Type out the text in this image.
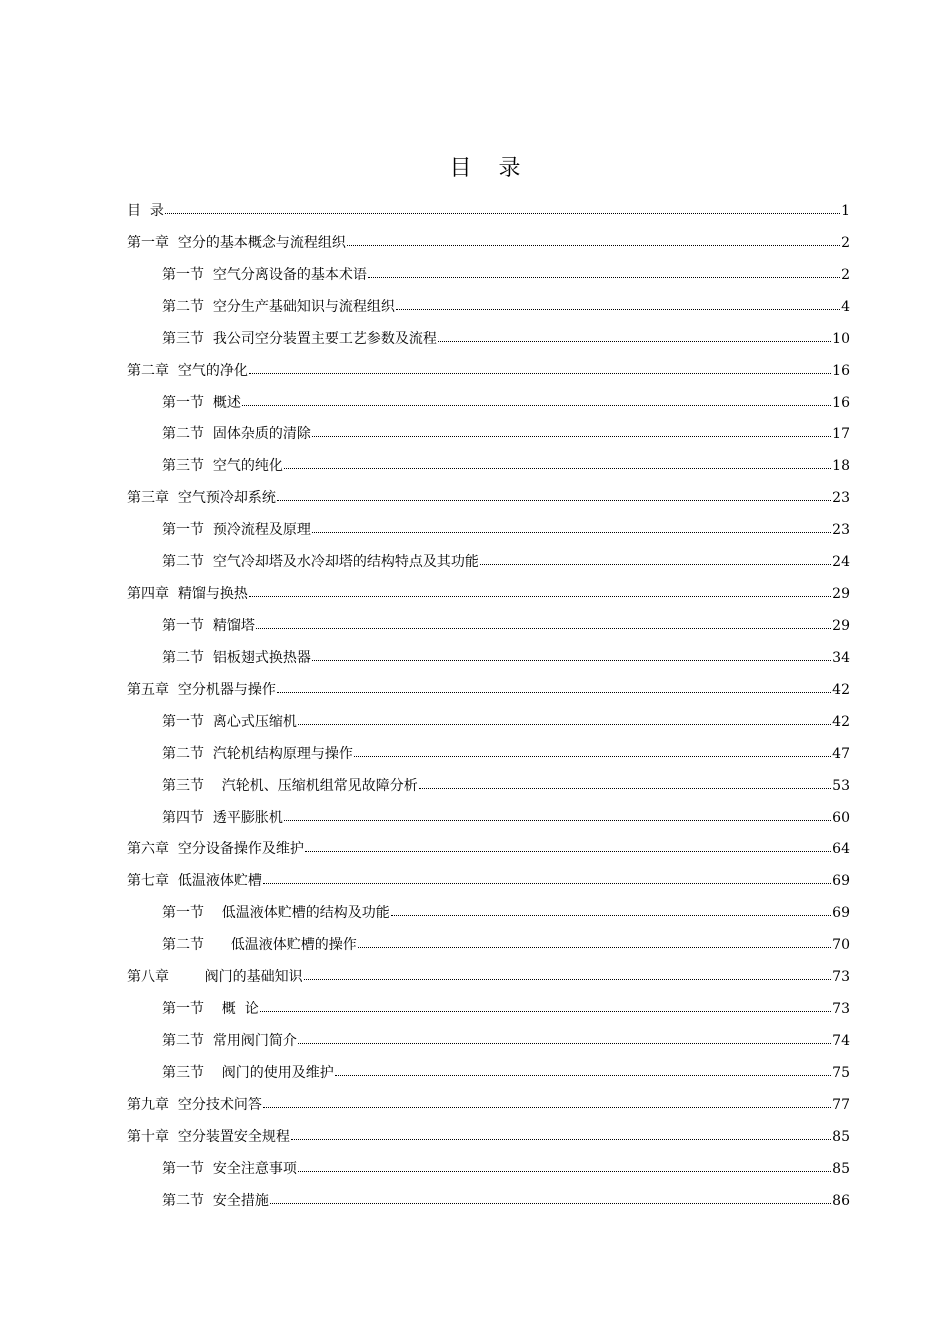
目 录
目  录	1
第一章  空分的基本概念与流程组织	2
第一节  空气分离设备的基本术语	2
第二节  空分生产基础知识与流程组织	4
第三节  我公司空分装置主要工艺参数及流程	10
第二章  空气的净化	16
第一节  概述	16
第二节  固体杂质的清除	17
第三节  空气的纯化	18
第三章  空气预冷却系统	23
第一节  预冷流程及原理	23
第二节  空气冷却塔及水冷却塔的结构特点及其功能	24
第四章  精馏与换热	29
第一节  精馏塔	29
第二节  铝板翅式换热器	34
第五章  空分机器与操作	42
第一节  离心式压缩机	42
第二节  汽轮机结构原理与操作	47
第三节    汽轮机、压缩机组常见故障分析	53
第四节  透平膨胀机	60
第六章  空分设备操作及维护	64
第七章  低温液体贮槽	69
第一节    低温液体贮槽的结构及功能	69
第二节      低温液体贮槽的操作	70
第八章        阀门的基础知识	73
第一节    概  论	73
第二节  常用阀门简介	74
第三节    阀门的使用及维护	75
第九章  空分技术问答	77
第十章  空分装置安全规程	85
第一节  安全注意事项	85
第二节  安全措施	86
